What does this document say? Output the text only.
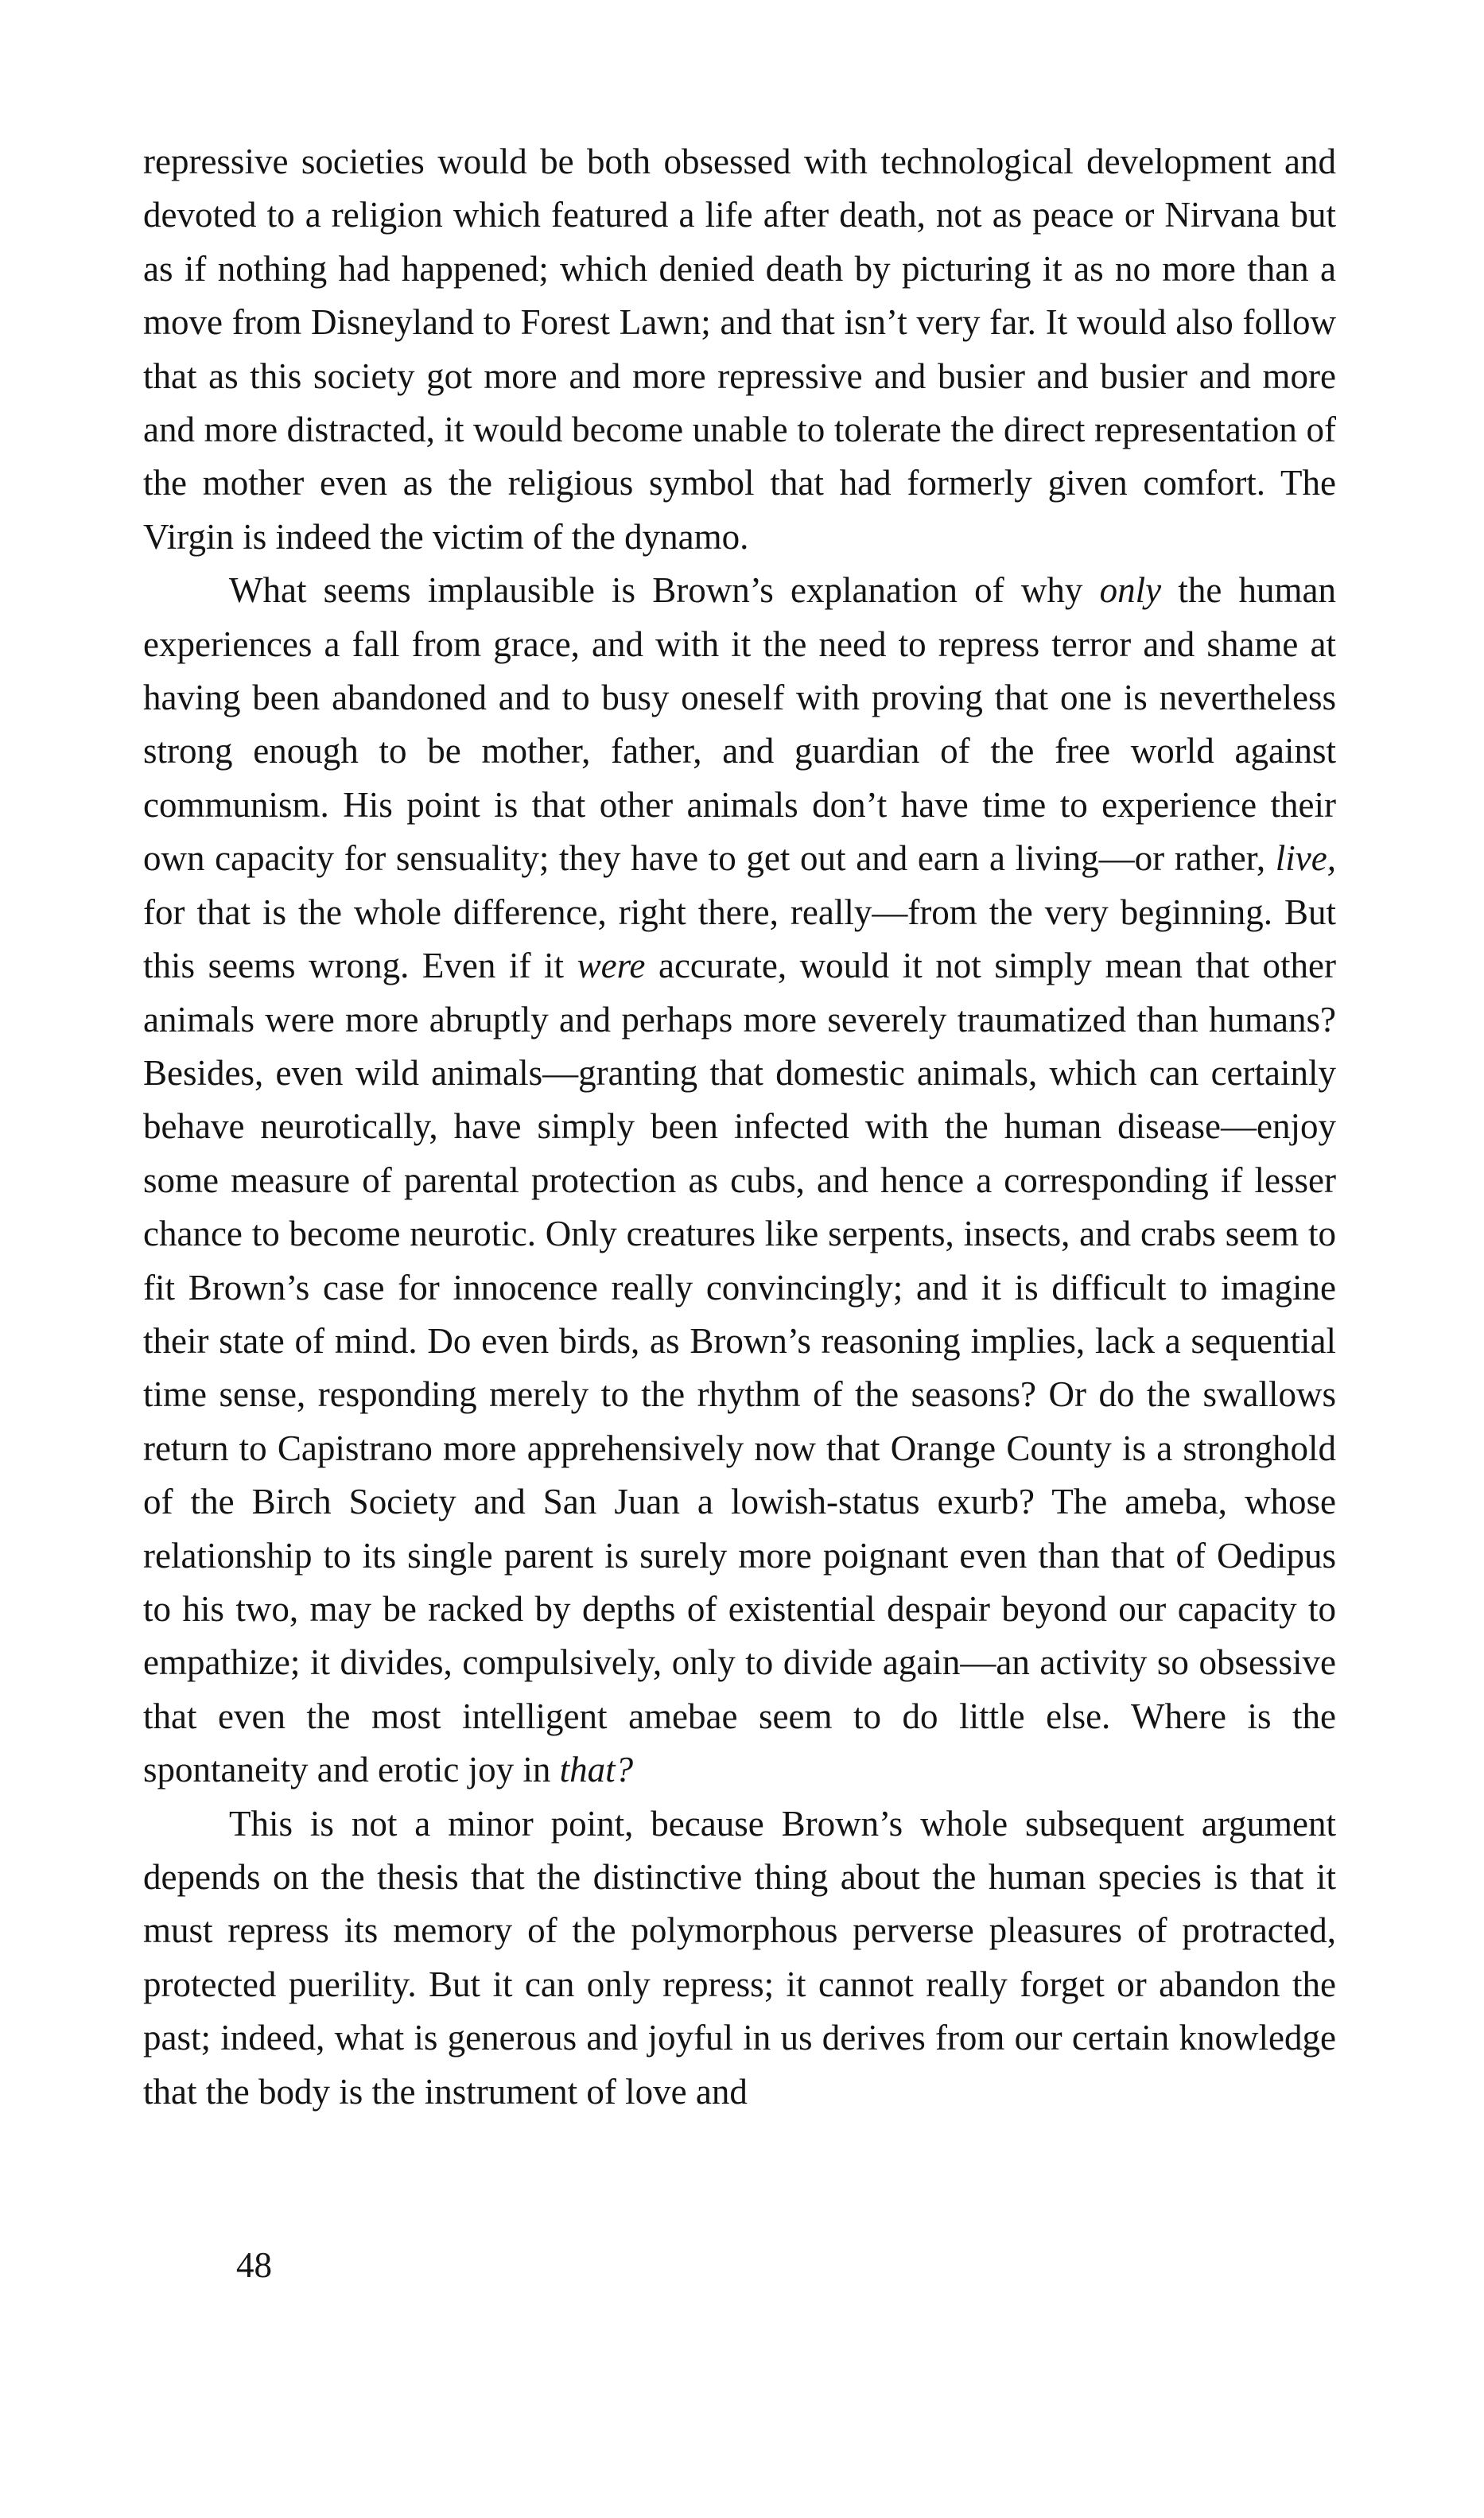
repressive societies would be both obsessed with technological development and devoted to a religion which featured a life after death, not as peace or Nirvana but as if nothing had happened; which denied death by picturing it as no more than a move from Disneyland to Forest Lawn; and that isn’t very far. It would also follow that as this society got more and more repressive and busier and busier and more and more distracted, it would become unable to tolerate the direct representation of the mother even as the religious symbol that had formerly given comfort. The Virgin is indeed the victim of the dynamo.

What seems implausible is Brown’s explanation of why only the human experiences a fall from grace, and with it the need to repress terror and shame at having been abandoned and to busy oneself with proving that one is nevertheless strong enough to be mother, father, and guardian of the free world against communism. His point is that other animals don’t have time to experience their own capacity for sensuality; they have to get out and earn a living—or rather, live, for that is the whole difference, right there, really—from the very beginning. But this seems wrong. Even if it were accurate, would it not simply mean that other animals were more abruptly and perhaps more severely traumatized than humans? Besides, even wild animals—granting that domestic animals, which can certainly behave neurotically, have simply been infected with the human disease—enjoy some measure of parental protection as cubs, and hence a corresponding if lesser chance to become neurotic. Only creatures like serpents, insects, and crabs seem to fit Brown’s case for innocence really convincingly; and it is difficult to imagine their state of mind. Do even birds, as Brown’s reasoning implies, lack a sequential time sense, responding merely to the rhythm of the seasons? Or do the swallows return to Capistrano more apprehensively now that Orange County is a stronghold of the Birch Society and San Juan a lowish-status exurb? The ameba, whose relationship to its single parent is surely more poignant even than that of Oedipus to his two, may be racked by depths of existential despair beyond our capacity to empathize; it divides, compulsively, only to divide again—an activity so obsessive that even the most intelligent amebae seem to do little else. Where is the spontaneity and erotic joy in that?

This is not a minor point, because Brown’s whole subsequent argument depends on the thesis that the distinctive thing about the human species is that it must repress its memory of the polymorphous perverse pleasures of protracted, protected puerility. But it can only repress; it cannot really forget or abandon the past; indeed, what is generous and joyful in us derives from our certain knowledge that the body is the instrument of love and

48
